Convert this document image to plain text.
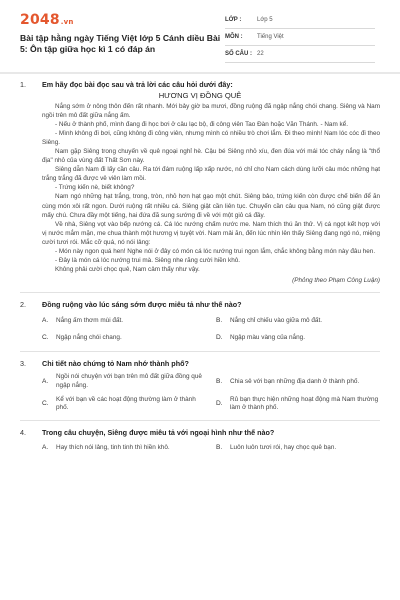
2048.vn
Bài tập hằng ngày Tiếng Việt lớp 5 Cánh diều Bài 5: Ôn tập giữa học kì 1 có đáp án
LỚP :	Lớp 5
MÔN :	Tiếng Việt
SỐ CÂU : 22
1. Em hãy đọc bài đọc sau và trả lời các câu hỏi dưới đây:
HƯƠNG VỊ ĐỒNG QUÊ

Nắng sớm ở nông thôn đến rất nhanh. Mới bảy giờ ba mươi, đồng ruộng đã ngập nắng chói chang. Siêng và Nam ngồi trên mô đất giữa nắng ấm.

- Nếu ở thành phố, mình đang đi học bơi ở câu lạc bộ, đi công viên Tao Đàn hoặc Văn Thánh. - Nam kể.

- Mình không đi bơi, cũng không đi công viên, nhưng mình có nhiều trò chơi lắm. Đi theo mình! Nam lóc cóc đi theo Siêng.

Nam gặp Siêng trong chuyến về quê ngoại nghỉ hè. Cậu bé Siêng nhỏ xíu, đen đúa với mái tóc cháy nắng là "thổ địa" nhỏ của vùng đất Thất Sơn này.

Siêng dẫn Nam đi lấy cần câu. Ra tới đám ruộng lấp xấp nước, nó chỉ cho Nam cách dùng lưỡi câu móc những hạt trắng trắng đã được vê viên làm mồi.

- Trứng kiến nè, biết không?

Nam ngó những hạt trắng, trong, tròn, nhỏ hơn hạt gạo một chút. Siêng bảo, trứng kiến còn được chế biến để ăn cùng món xôi rất ngon. Dưới ruộng rất nhiều cá. Siêng giật cần liên tục. Chuyến cần câu qua Nam, nó cũng giật được mấy chú. Chưa đầy một tiếng, hai đứa đã sung sướng đi về với một giỏ cá đầy.

Về nhà, Siêng vọt vào bếp nướng cá. Cá lóc nướng chấm nước me. Nam thích thú ăn thử. Vị cá ngọt kết hợp với vị nước mắm mặn, me chua thành một hương vị tuyệt vời. Nam mải ăn, đến lúc nhìn lên thấy Siêng đang ngó nó, miệng cười tươi rói. Mắc cỡ quá, nó nói lảng:

- Món này ngon quá hen! Nghe nói ở đây có món cá lóc nướng trui ngon lắm, chắc không bằng món này đâu hen.

- Đây là món cá lóc nướng trui mà. Siêng nhe răng cười hiền khô.

Không phải cười chọc quê, Nam cảm thấy như vậy.

(Phỏng theo Phạm Công Luận)

2. Đồng ruộng vào lúc sáng sớm được miêu tả như thế nào?
A.	Nắng ấm thơm mùi đất.	B.	Nắng chỉ chiếu vào giữa mô đất.
C.	Ngập nắng chói chang.	D.	Ngập màu vàng của nắng.
3. Chi tiết nào chứng tỏ Nam nhớ thành phố?
A.
Ngồi nói chuyện với bạn trên mô đất giữa đồng quê ngập nắng.
B.	Chia sẻ với bạn những địa danh ở thành phố.
C.
Kể với bạn về các hoạt động thường làm ở thành phố.
D.
Rủ bạn thực hiện những hoạt động mà Nam thường làm ở thành phố.
4. Trong câu chuyện, Siêng được miêu tả với ngoại hình như thế nào?
A.	Hay thích nói lảng, tinh tinh thì hiền khô.	B.	Luôn luôn tươi rói, hay chọc quê bạn.
